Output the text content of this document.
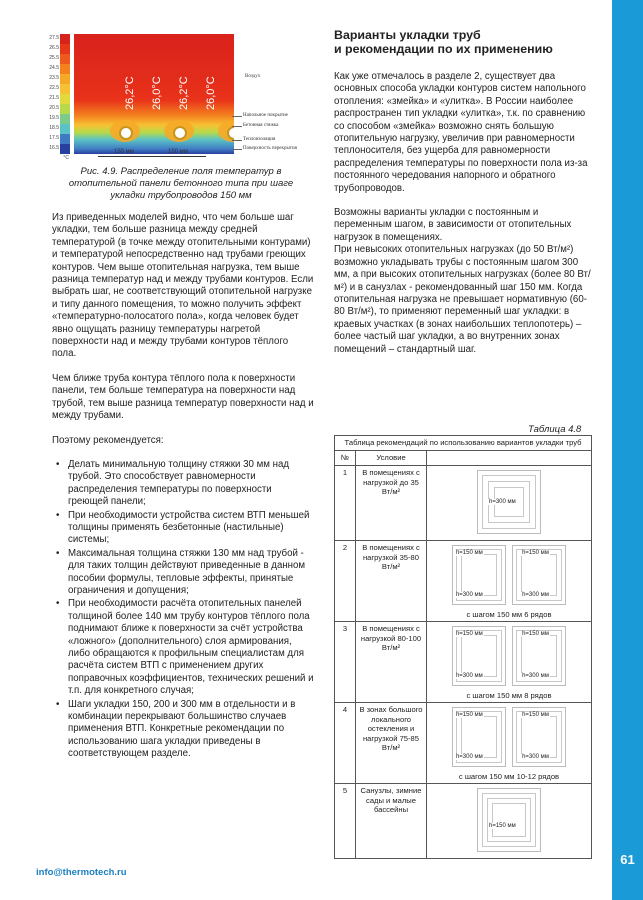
61
info@thermotech.ru
27.5
26.5
25.5
24.5
23.5
22.5
21.5
20.5
19.5
18.5
17.5
16.5
°C
26,2°C 26,0°C 26,2°C 26,0°C
150 мм	150 мм
Воздух
Напольное покрытие
Бетонная стяжка
Теплоизоляция
Поверхность перекрытия
Рис. 4.9. Распределение поля температур в отопительной панели бетонного типа при шаге укладки трубопроводов 150 мм

Из приведенных моделей видно, что чем больше шаг укладки, тем больше разница между средней температурой (в точке между отопительными контурами) и температурой непосредственно над трубами греющих контуров. Чем выше отопительная нагрузка, тем выше разница температур над и между трубами контуров. Если выбрать шаг, не соответствующий отопительной нагрузке и типу данного помещения, то можно получить эффект «температурно-полосатого пола», когда человек будет явно ощущать разницу температуры нагретой поверхности над и между трубами контуров тёплого пола.

Чем ближе труба контура тёплого пола к поверхности панели, тем больше температура на поверхности над трубой, тем выше разница температур поверхности над и между трубами.

Поэтому рекомендуется:

• Делать минимальную толщину стяжки 30 мм над трубой. Это способствует равномерности распределения температуры по поверхности греющей панели;
• При необходимости устройства систем ВТП меньшей толщины применять безбетонные (настильные) системы;
• Максимальная толщина стяжки 130 мм над трубой - для таких толщин действуют приведенные в данном пособии формулы, тепловые эффекты, принятые ограничения и допущения;
• При необходимости расчёта отопительных панелей толщиной более 140 мм трубу контуров тёплого пола поднимают ближе к поверхности за счёт устройства «ложного» (дополнительного) слоя армирования, либо обращаются к профильным специалистам для расчёта систем ВТП с применением других поправочных коэффициентов, технических решений и т.п. для конкретного случая;
• Шаги укладки 150, 200 и 300 мм в отдельности и в комбинации перекрывают большинство случаев применения ВТП. Конкретные рекомендации по использованию шага укладки приведены в соответствующем разделе.
Варианты укладки труб
и рекомендации по их применению

Как уже отмечалось в разделе 2, существует два основных способа укладки контуров систем напольного отопления: «змейка» и «улитка». В России наиболее распространен тип укладки «улитка», т.к. по сравнению со способом «змейка» возможно снять большую отопительную нагрузку, увеличив при равномерности теплоносителя, без ущерба для равномерности распределения температуры по поверхности пола из-за постоянного чередования напорного и обратного трубопроводов.

Возможны варианты укладки с постоянным и переменным шагом, в зависимости от отопительных нагрузок в помещениях.

При невысоких отопительных нагрузках (до 50 Вт/м²) возможно укладывать трубы с постоянным шагом 300 мм, а при высоких отопительных нагрузках (более 80 Вт/м²) и в санузлах - рекомендованный шаг 150 мм. Когда отопительная нагрузка не превышает нормативную (60-80 Вт/м²), то применяют переменный шаг укладки: в краевых участках (в зонах наибольших теплопотерь) – более частый шаг укладки, а во внутренних зонах помещений – стандартный шаг.

Таблица 4.8
Таблица рекомендаций по использованию вариантов укладки труб		
№	Условие	
1	В помещениях с нагрузкой до 35 Вт/м²	h=300 мм

2	В помещениях с нагрузкой 35-80 Вт/м²	h=150 мм
h=300 мм

h=150 мм
h=300 мм
с шагом 150 мм 6 рядов

3	В помещениях с нагрузкой 80-100 Вт/м²	h=150 мм
h=300 мм

h=150 мм
h=300 мм
с шагом 150 мм 8 рядов

4	В зонах большого локального остекления и нагрузкой 75-85 Вт/м²	h=150 мм
h=300 мм

h=150 мм
h=300 мм
с шагом 150 мм 10-12 рядов

5	Санузлы, зимние сады и малые бассейны	h=150 мм
